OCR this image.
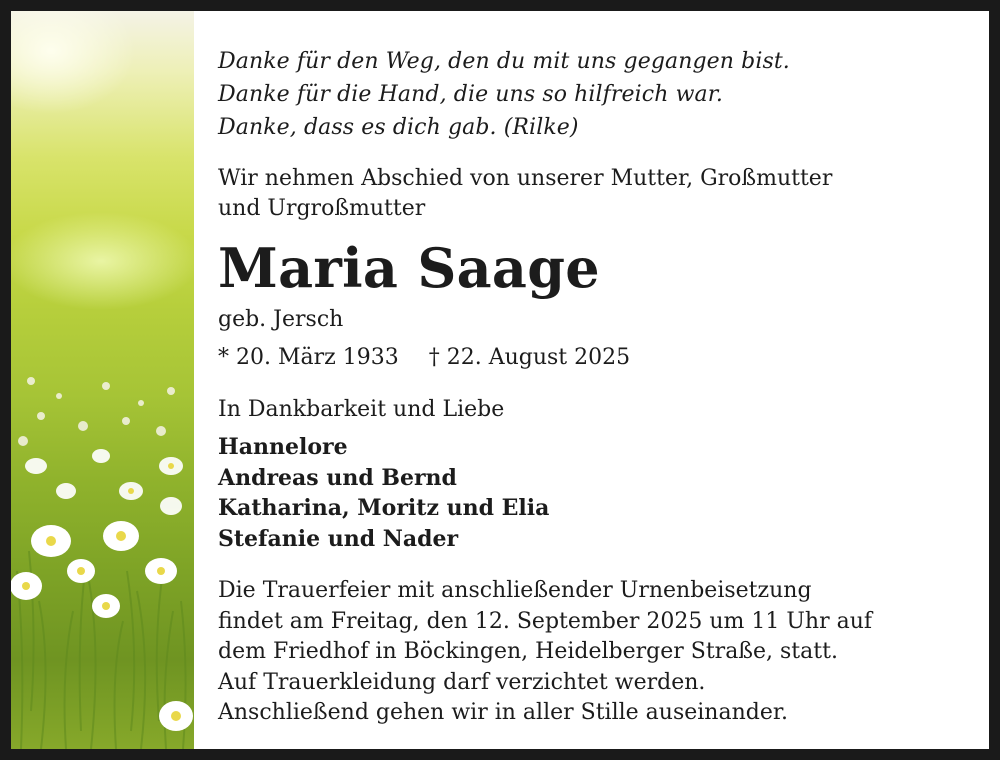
Danke für den Weg, den du mit uns gegangen bist.
Danke für die Hand, die uns so hilfreich war.
Danke, dass es dich gab. (Rilke)
Wir nehmen Abschied von unserer Mutter, Großmutter
und Urgroßmutter
Maria Saage
geb. Jersch
* 20. März 1933 † 22. August 2025
In Dankbarkeit und Liebe
Hannelore
Andreas und Bernd
Katharina, Moritz und Elia
Stefanie und Nader
Die Trauerfeier mit anschließender Urnenbeisetzung
findet am Freitag, den 12. September 2025 um 11 Uhr auf
dem Friedhof in Böckingen, Heidelberger Straße, statt.
Auf Trauerkleidung darf verzichtet werden.
Anschließend gehen wir in aller Stille auseinander.
